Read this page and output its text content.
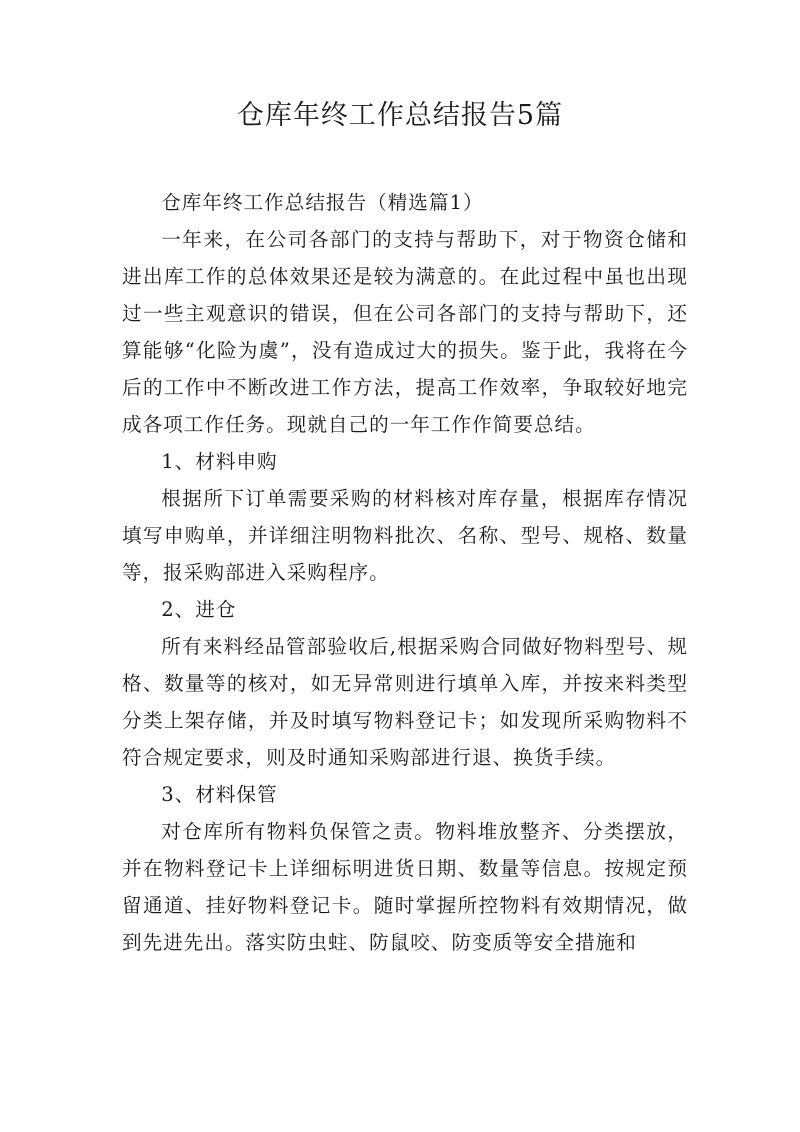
仓库年终工作总结报告5篇

仓库年终工作总结报告（精选篇1）

一年来，在公司各部门的支持与帮助下，对于物资仓储和进出库工作的总体效果还是较为满意的。在此过程中虽也出现过一些主观意识的错误，但在公司各部门的支持与帮助下，还算能够“化险为虞”，没有造成过大的损失。鉴于此，我将在今后的工作中不断改进工作方法，提高工作效率，争取较好地完成各项工作任务。现就自己的一年工作作简要总结。

1、材料申购

根据所下订单需要采购的材料核对库存量，根据库存情况填写申购单，并详细注明物料批次、名称、型号、规格、数量等，报采购部进入采购程序。

2、进仓

所有来料经品管部验收后,根据采购合同做好物料型号、规格、数量等的核对，如无异常则进行填单入库，并按来料类型分类上架存储，并及时填写物料登记卡；如发现所采购物料不符合规定要求，则及时通知采购部进行退、换货手续。

3、材料保管

对仓库所有物料负保管之责。物料堆放整齐、分类摆放，并在物料登记卡上详细标明进货日期、数量等信息。按规定预留通道、挂好物料登记卡。随时掌握所控物料有效期情况，做到先进先出。落实防虫蛀、防鼠咬、防变质等安全措施和
